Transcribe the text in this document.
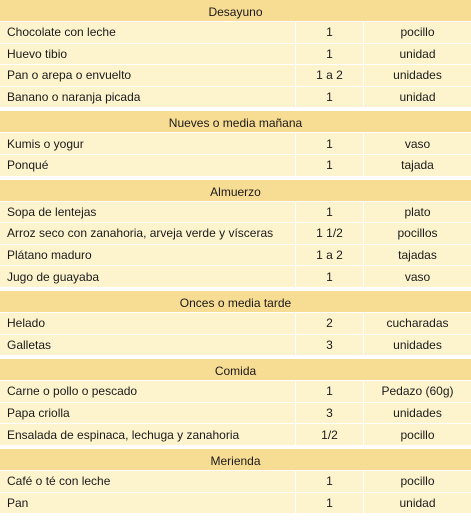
Desayuno
Chocolate con leche	1	pocillo
Huevo tibio	1	unidad
Pan o arepa o envuelto	1 a 2	unidades
Banano o naranja picada	1	unidad
Nueves o media mañana
Kumis o yogur	1	vaso
Ponqué	1	tajada
Almuerzo
Sopa de lentejas	1	plato
Arroz seco con zanahoria, arveja verde y vísceras	1 1/2	pocillos
Plátano maduro	1 a 2	tajadas
Jugo de guayaba	1	vaso
Onces o media tarde
Helado	2	cucharadas
Galletas	3	unidades
Comida
Carne o pollo o pescado	1	Pedazo (60g)
Papa criolla	3	unidades
Ensalada de espinaca, lechuga y zanahoria	1/2	pocillo
Merienda
Café o té con leche	1	pocillo
Pan	1	unidad
